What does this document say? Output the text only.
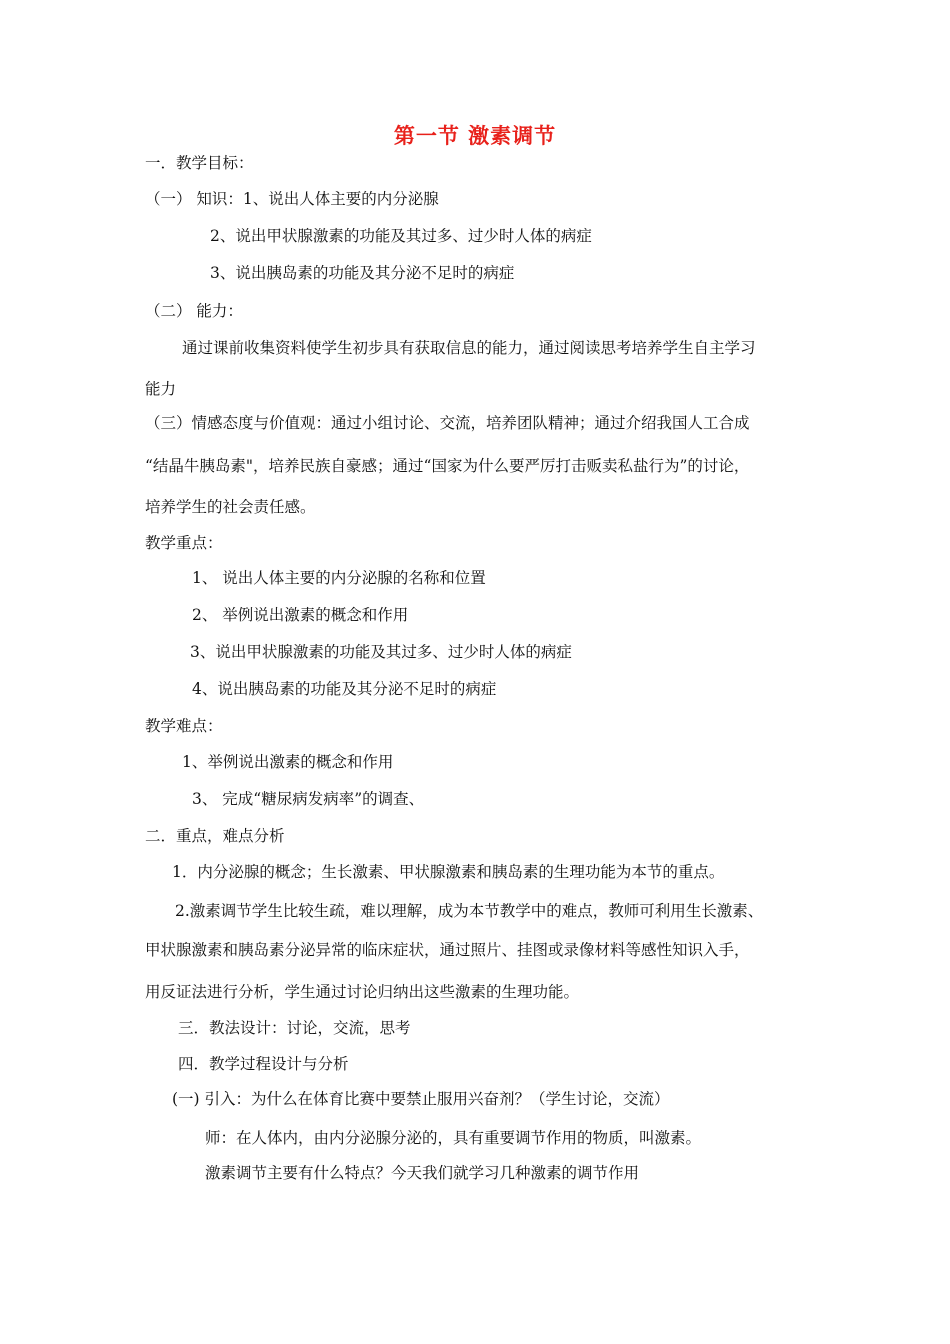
第一节 激素调节
一．教学目标：
（一） 知识：1、说出人体主要的内分泌腺
2、说出甲状腺激素的功能及其过多、过少时人体的病症
3、说出胰岛素的功能及其分泌不足时的病症
（二） 能力：
通过课前收集资料使学生初步具有获取信息的能力，通过阅读思考培养学生自主学习
能力
（三）情感态度与价值观：通过小组讨论、交流，培养团队精神；通过介绍我国人工合成
“结晶牛胰岛素"，培养民族自豪感；通过“国家为什么要严厉打击贩卖私盐行为”的讨论，
培养学生的社会责任感。
教学重点：
1、 说出人体主要的内分泌腺的名称和位置
2、 举例说出激素的概念和作用
3、说出甲状腺激素的功能及其过多、过少时人体的病症
4、说出胰岛素的功能及其分泌不足时的病症
教学难点：
1、举例说出激素的概念和作用
3、 完成“糖尿病发病率”的调查、
二．重点，难点分析
1．内分泌腺的概念；生长激素、甲状腺激素和胰岛素的生理功能为本节的重点。
2.激素调节学生比较生疏，难以理解，成为本节教学中的难点，教师可利用生长激素、
甲状腺激素和胰岛素分泌异常的临床症状，通过照片、挂图或录像材料等感性知识入手，
用反证法进行分析，学生通过讨论归纳出这些激素的生理功能。
三．教法设计：讨论，交流，思考
四．教学过程设计与分析
(一) 引入：为什么在体育比赛中要禁止服用兴奋剂？（学生讨论，交流）
师：在人体内，由内分泌腺分泌的，具有重要调节作用的物质，叫激素。
激素调节主要有什么特点？今天我们就学习几种激素的调节作用
